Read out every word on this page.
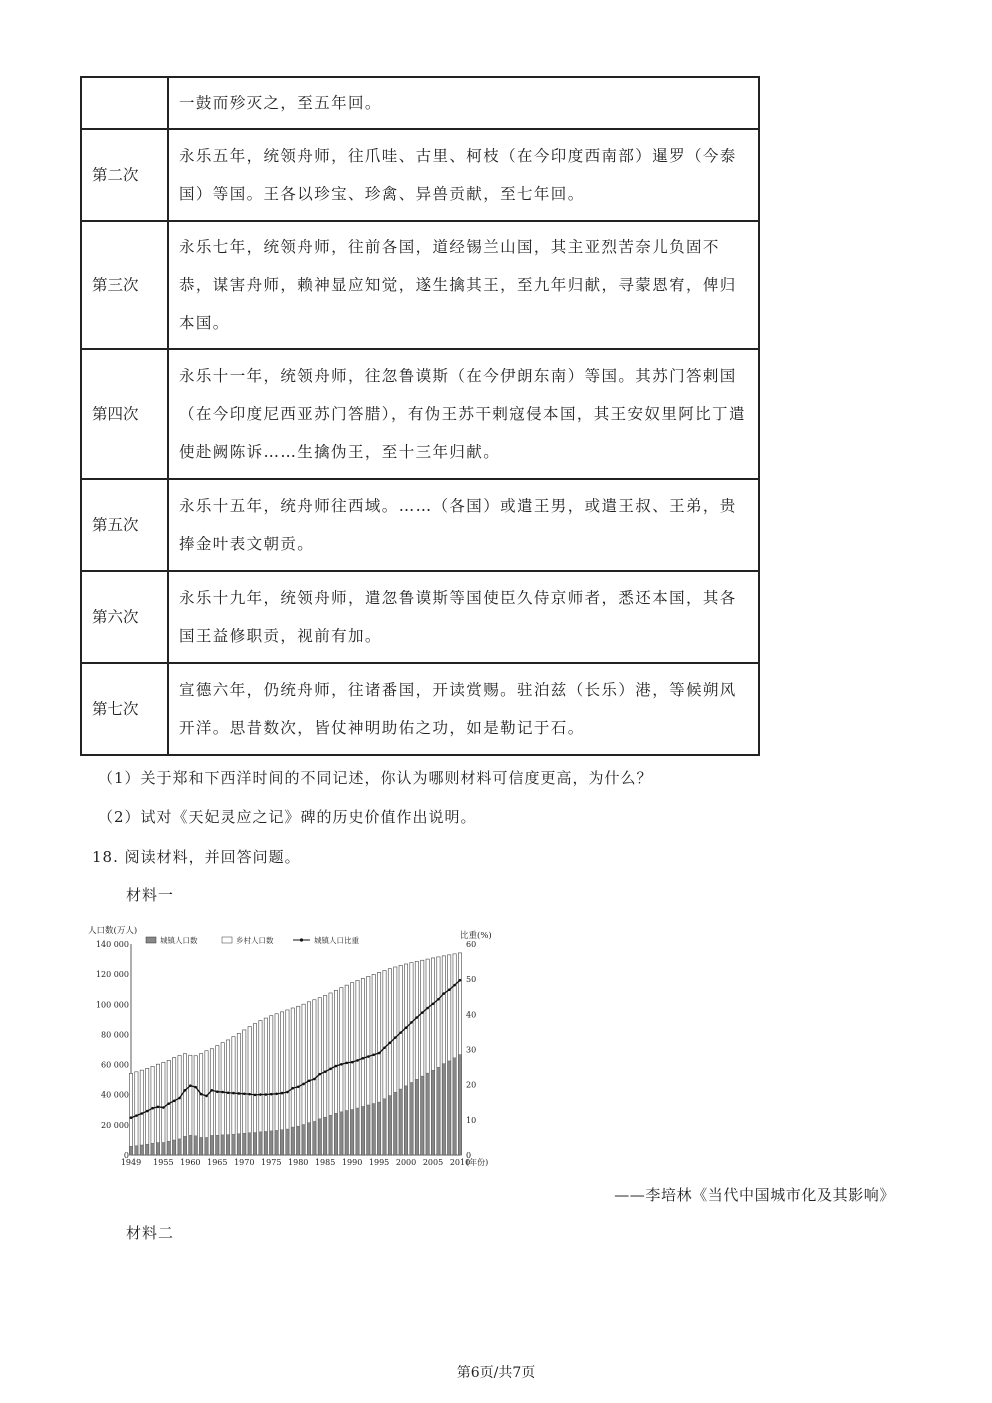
	一鼓而殄灭之，至五年回。
第二次	永乐五年，统领舟师，往爪哇、古里、柯枝（在今印度西南部）暹罗（今泰国）等国。王各以珍宝、珍禽、异兽贡献，至七年回。
第三次	永乐七年，统领舟师，往前各国，道经锡兰山国，其主亚烈苦奈儿负固不恭，谋害舟师，赖神显应知觉，遂生擒其王，至九年归献，寻蒙恩宥，俾归本国。
第四次	永乐十一年，统领舟师，往忽鲁谟斯（在今伊朗东南）等国。其苏门答剌国（在今印度尼西亚苏门答腊），有伪王苏干剌寇侵本国，其王安奴里阿比丁遣使赴阙陈诉……生擒伪王，至十三年归献。
第五次	永乐十五年，统舟师往西域。……（各国）或遣王男，或遣王叔、王弟，贵捧金叶表文朝贡。
第六次	永乐十九年，统领舟师，遣忽鲁谟斯等国使臣久侍京师者，悉还本国，其各国王益修职贡，视前有加。
第七次	宣德六年，仍统舟师，往诸番国，开读赏赐。驻泊兹（长乐）港，等候朔风开洋。思昔数次，皆仗神明助佑之功，如是勒记于石。
（1）关于郑和下西洋时间的不同记述，你认为哪则材料可信度更高，为什么？
（2）试对《天妃灵应之记》碑的历史价值作出说明。
18. 阅读材料，并回答问题。
材料一
人口数(万人)	比重(%)
0
20 000
40 000
60 000
80 000
100 000
120 000
140 000
0
10
20
30
40
50
60
1949 1955 1960 1965 1970 1975 1980 1985 1990 1995 2000 2005 2010
(年份)
城镇人口数	乡村人口数	城镇人口比重
——李培林《当代中国城市化及其影响》
材料二
第6页/共7页
